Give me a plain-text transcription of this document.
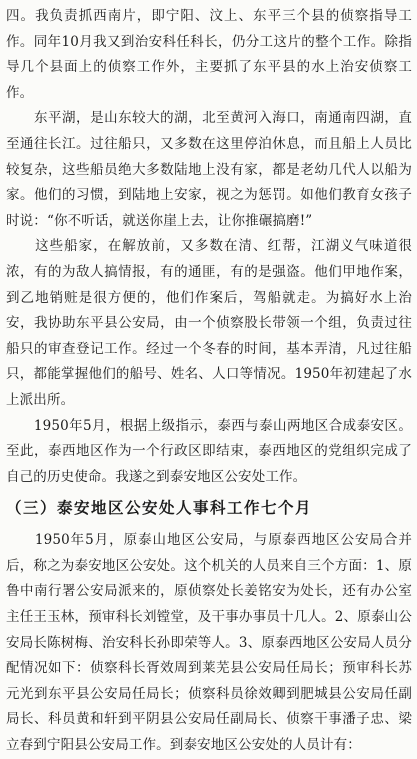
四。我负责抓西南片，即宁阳、汶上、东平三个县的侦察指导工作。同年10月我又到治安科任科长，仍分工这片的整个工作。除指导几个县面上的侦察工作外，主要抓了东平县的水上治安侦察工作。

　　东平湖，是山东较大的湖，北至黄河入海口，南通南四湖，直至通往长江。过往船只，又多数在这里停泊休息，而且船上人员比较复杂，这些船员绝大多数陆地上没有家，都是老幼几代人以船为家。他们的习惯，到陆地上安家，视之为惩罚。如他们教育女孩子时说：“你不听话，就送你崖上去，让你推碾搞磨!”

　　这些船家，在解放前，又多数在清、红帮，江湖义气味道很浓，有的为敌人搞情报，有的通匪，有的是强盗。他们甲地作案，到乙地销赃是很方便的，他们作案后，驾船就走。为搞好水上治安，我协助东平县公安局，由一个侦察股长带领一个组，负责过往船只的审查登记工作。经过一个冬春的时间，基本弄清，凡过往船只，都能掌握他们的船号、姓名、人口等情况。1950年初建起了水上派出所。

　　1950年5月，根据上级指示，泰西与泰山两地区合成泰安区。至此，泰西地区作为一个行政区即结束，泰西地区的党组织完成了自己的历史使命。我遂之到泰安地区公安处工作。

（三）泰安地区公安处人事科工作七个月

　　1950年5月，原泰山地区公安局，与原泰西地区公安局合并后，称之为泰安地区公安处。这个机关的人员来自三个方面：1、原鲁中南行署公安局派来的，原侦察处长姜铭安为处长，还有办公室主任王玉林，预审科长刘镗堂，及干事办事员十几人。2、原泰山公安局长陈树梅、治安科长孙即荣等人。3、原泰西地区公安局人员分配情况如下：侦察科长胥效周到莱芜县公安局任局长；预审科长苏元光到东平县公安局任局长；侦察科员徐效卿到肥城县公安局任副局长、科员黄和轩到平阴县公安局任副局长、侦察干事潘子忠、梁立春到宁阳县公安局工作。到泰安地区公安处的人员计有：
